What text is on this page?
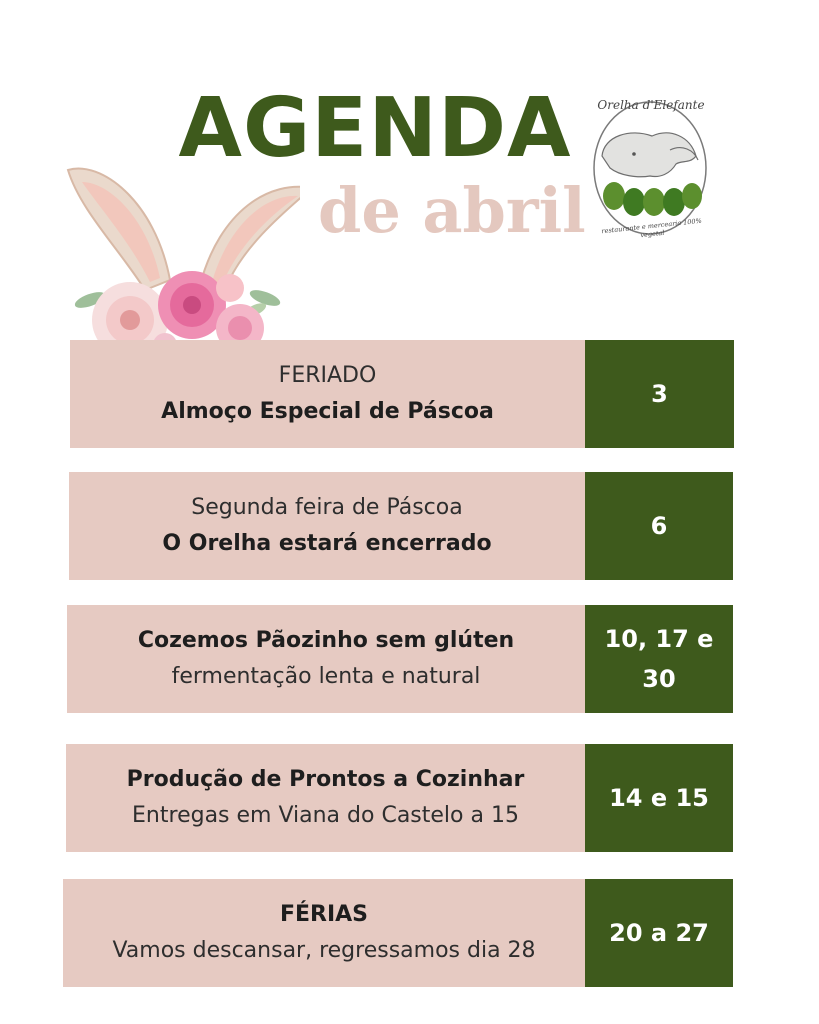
AGENDA
de abril
Orelha d'Elefante
restaurante e mercearia 100% vegetal
FERIADO
Almoço Especial de Páscoa
3
Segunda feira de Páscoa
O Orelha estará encerrado
6
Cozemos Pãozinho sem glúten
fermentação lenta e natural
10, 17 e 30
Produção de Prontos a Cozinhar
Entregas em Viana do Castelo a 15
14 e 15
FÉRIAS
Vamos descansar, regressamos dia 28
20 a 27
